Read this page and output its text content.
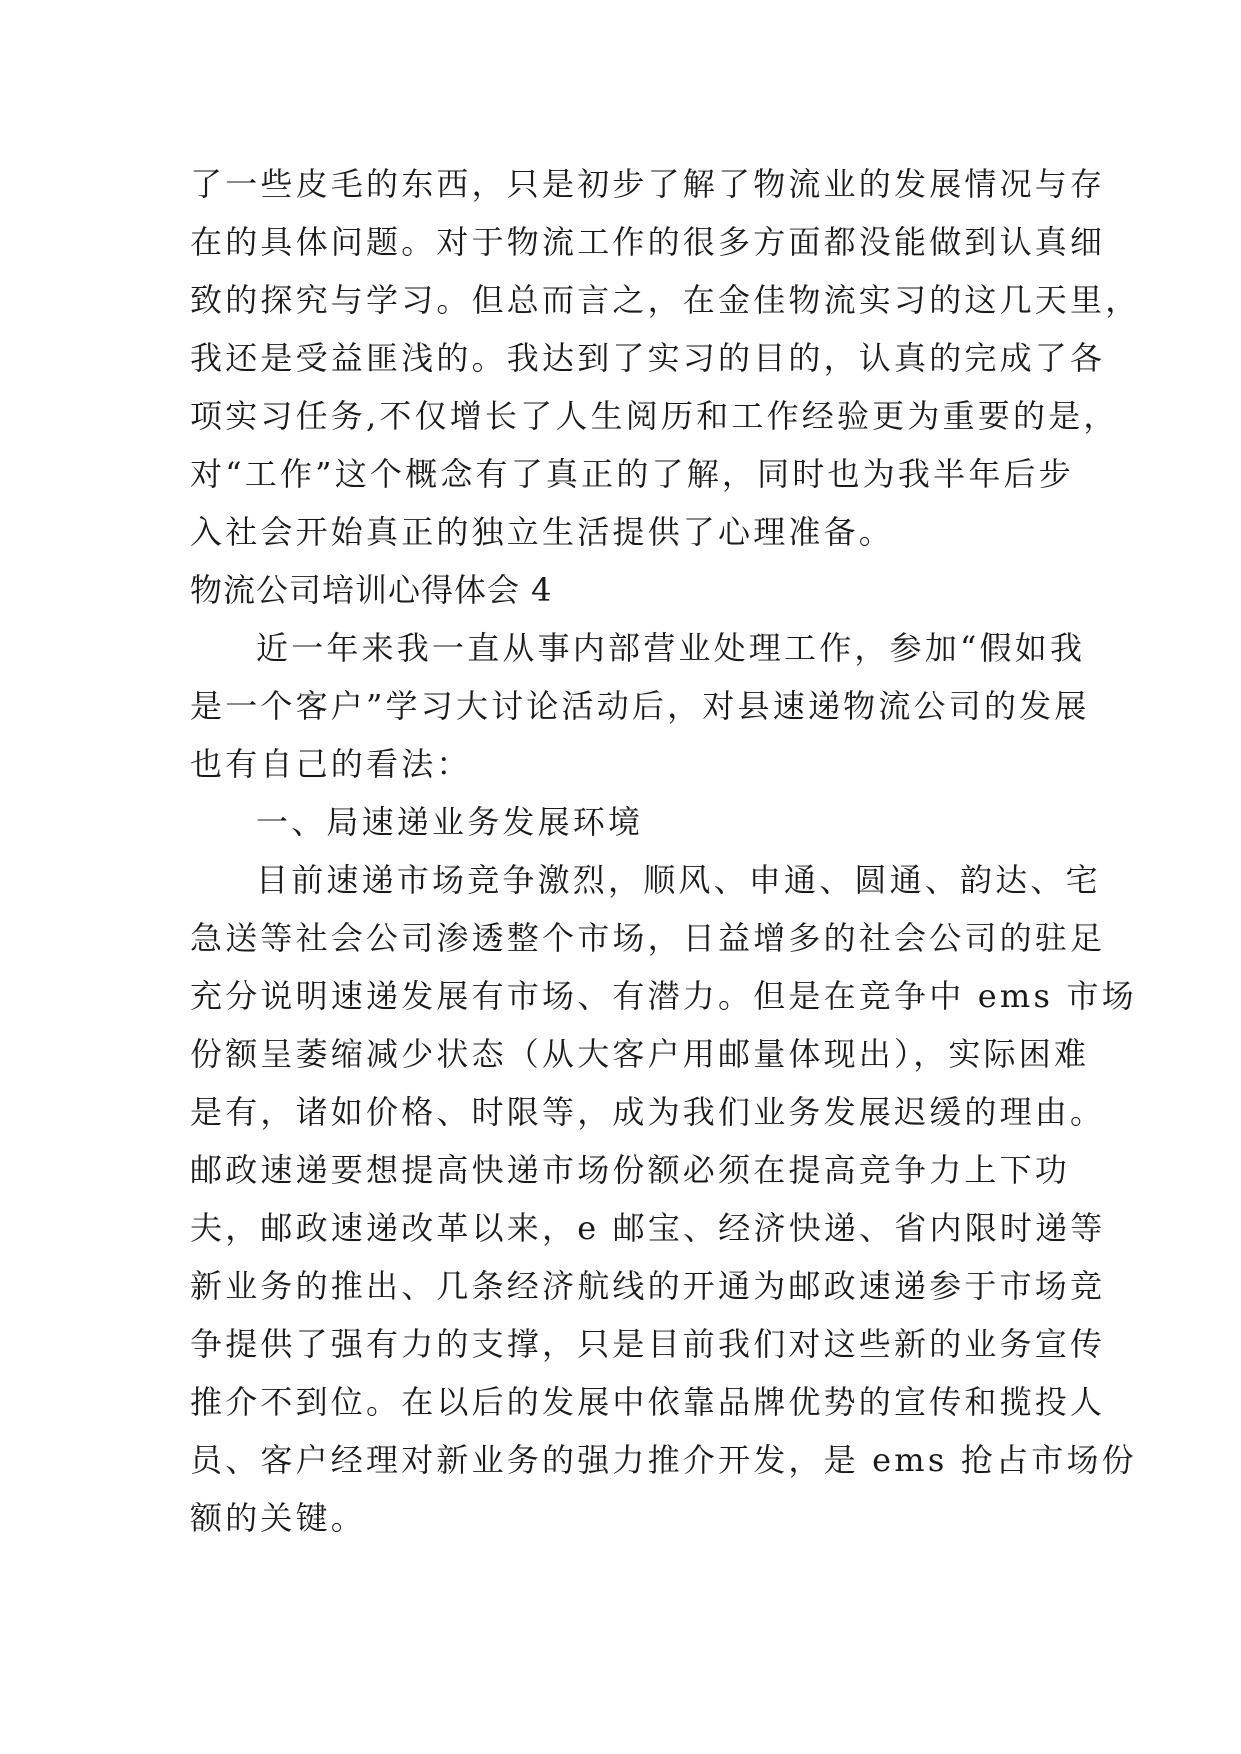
了一些皮毛的东西，只是初步了解了物流业的发展情况与存
在的具体问题。对于物流工作的很多方面都没能做到认真细
致的探究与学习。但总而言之，在金佳物流实习的这几天里，
我还是受益匪浅的。我达到了实习的目的，认真的完成了各
项实习任务,不仅增长了人生阅历和工作经验更为重要的是，
对“工作”这个概念有了真正的了解，同时也为我半年后步
入社会开始真正的独立生活提供了心理准备。
物流公司培训心得体会 4
近一年来我一直从事内部营业处理工作，参加“假如我
是一个客户”学习大讨论活动后，对县速递物流公司的发展
也有自己的看法：
一、局速递业务发展环境
目前速递市场竞争激烈，顺风、申通、圆通、韵达、宅
急送等社会公司渗透整个市场，日益增多的社会公司的驻足
充分说明速递发展有市场、有潜力。但是在竞争中 ems 市场
份额呈萎缩减少状态（从大客户用邮量体现出），实际困难
是有，诸如价格、时限等，成为我们业务发展迟缓的理由。
邮政速递要想提高快递市场份额必须在提高竞争力上下功
夫，邮政速递改革以来，e 邮宝、经济快递、省内限时递等
新业务的推出、几条经济航线的开通为邮政速递参于市场竞
争提供了强有力的支撑，只是目前我们对这些新的业务宣传
推介不到位。在以后的发展中依靠品牌优势的宣传和揽投人
员、客户经理对新业务的强力推介开发，是 ems 抢占市场份
额的关键。
